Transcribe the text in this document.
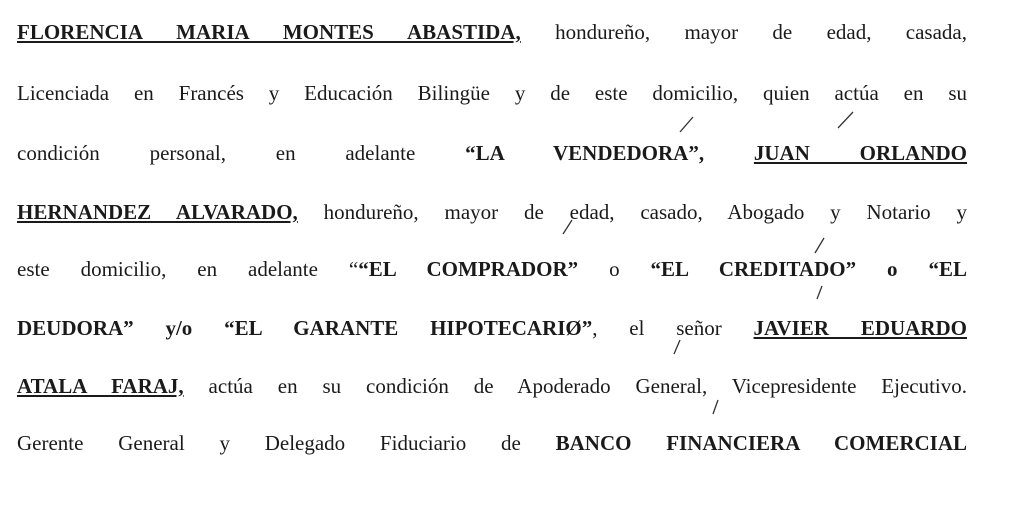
FLORENCIA MARIA MONTES ABASTIDA, hondureño, mayor de edad, casada,
Licenciada en Francés y Educación Bilingüe y de este domicilio, quien actúa en su
condición personal, en adelante “LA VENDEDORA”, JUAN ORLANDO
HERNANDEZ ALVARADO, hondureño, mayor de edad, casado, Abogado y Notario y
este domicilio, en adelante ““EL COMPRADOR” o “EL CREDITADO” o “EL
DEUDORA” y/o “EL GARANTE HIPOTECARIØ”, el señor JAVIER EDUARDO
ATALA FARAJ, actúa en su condición de Apoderado General, Vicepresidente Ejecutivo.
Gerente General y Delegado Fiduciario de BANCO FINANCIERA COMERCIAL
